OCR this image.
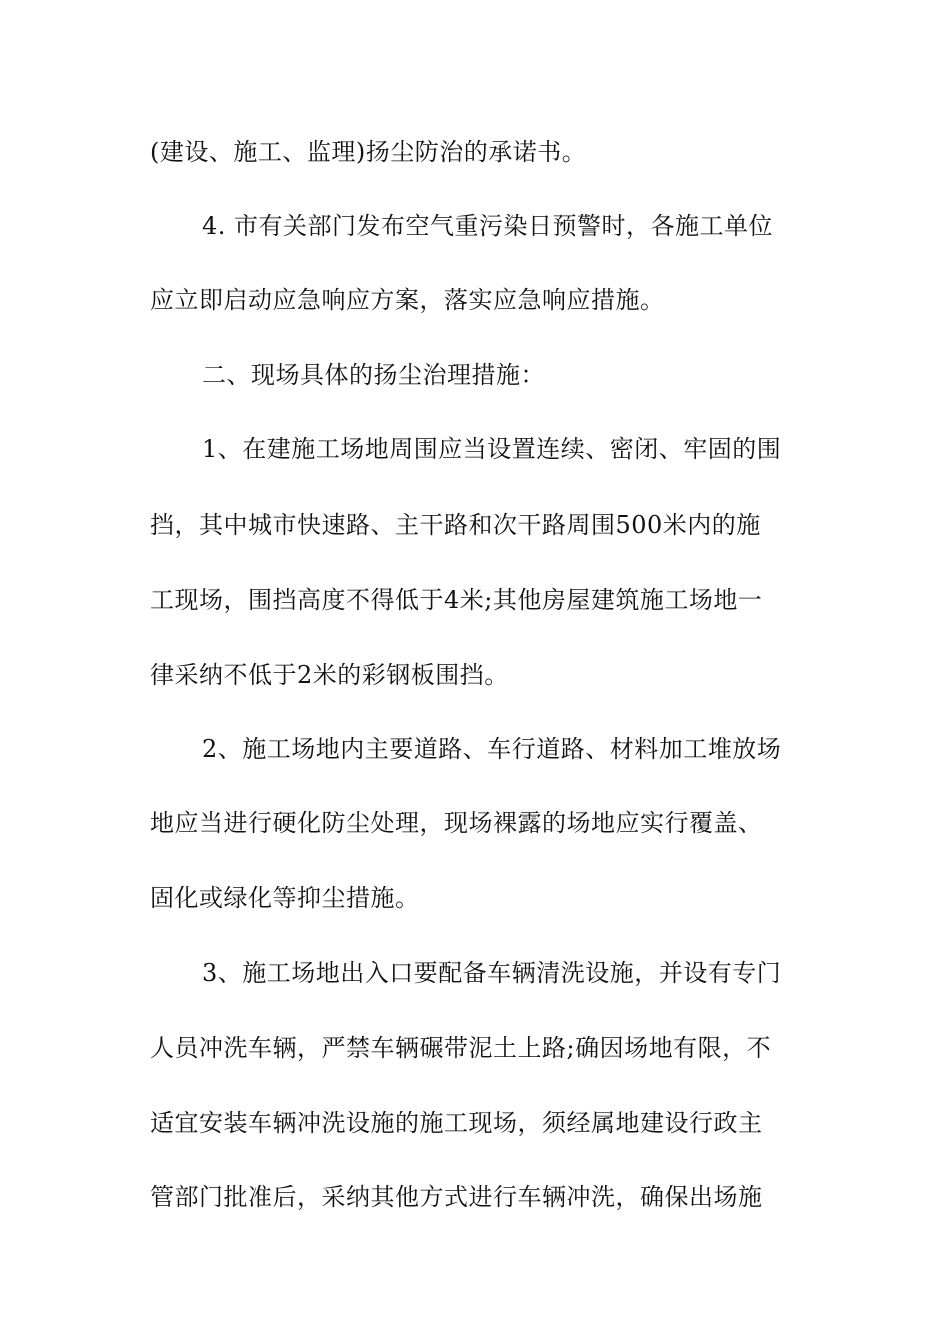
(建设、施工、监理)扬尘防治的承诺书。
4. 市有关部门发布空气重污染日预警时，各施工单位
应立即启动应急响应方案，落实应急响应措施。
二、现场具体的扬尘治理措施：
1、在建施工场地周围应当设置连续、密闭、牢固的围
挡，其中城市快速路、主干路和次干路周围500米内的施
工现场，围挡高度不得低于4米;其他房屋建筑施工场地一
律采纳不低于2米的彩钢板围挡。
2、施工场地内主要道路、车行道路、材料加工堆放场
地应当进行硬化防尘处理，现场裸露的场地应实行覆盖、
固化或绿化等抑尘措施。
3、施工场地出入口要配备车辆清洗设施，并设有专门
人员冲洗车辆，严禁车辆碾带泥土上路;确因场地有限，不
适宜安装车辆冲洗设施的施工现场，须经属地建设行政主
管部门批准后，采纳其他方式进行车辆冲洗，确保出场施
